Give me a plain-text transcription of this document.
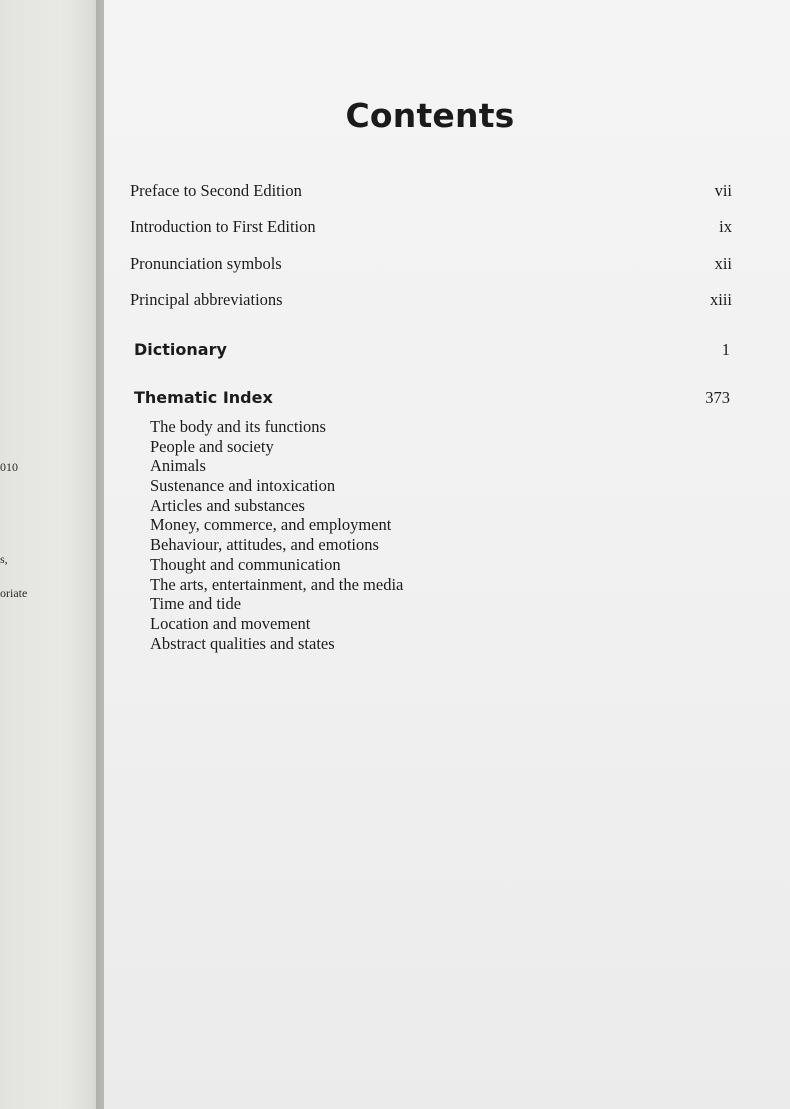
010
s,
oriate
Contents
Preface to Second Edition	vii
Introduction to First Edition	ix
Pronunciation symbols	xii
Principal abbreviations	xiii
Dictionary	1
Thematic Index	373
The body and its functions
People and society
Animals
Sustenance and intoxication
Articles and substances
Money, commerce, and employment
Behaviour, attitudes, and emotions
Thought and communication
The arts, entertainment, and the media
Time and tide
Location and movement
Abstract qualities and states
